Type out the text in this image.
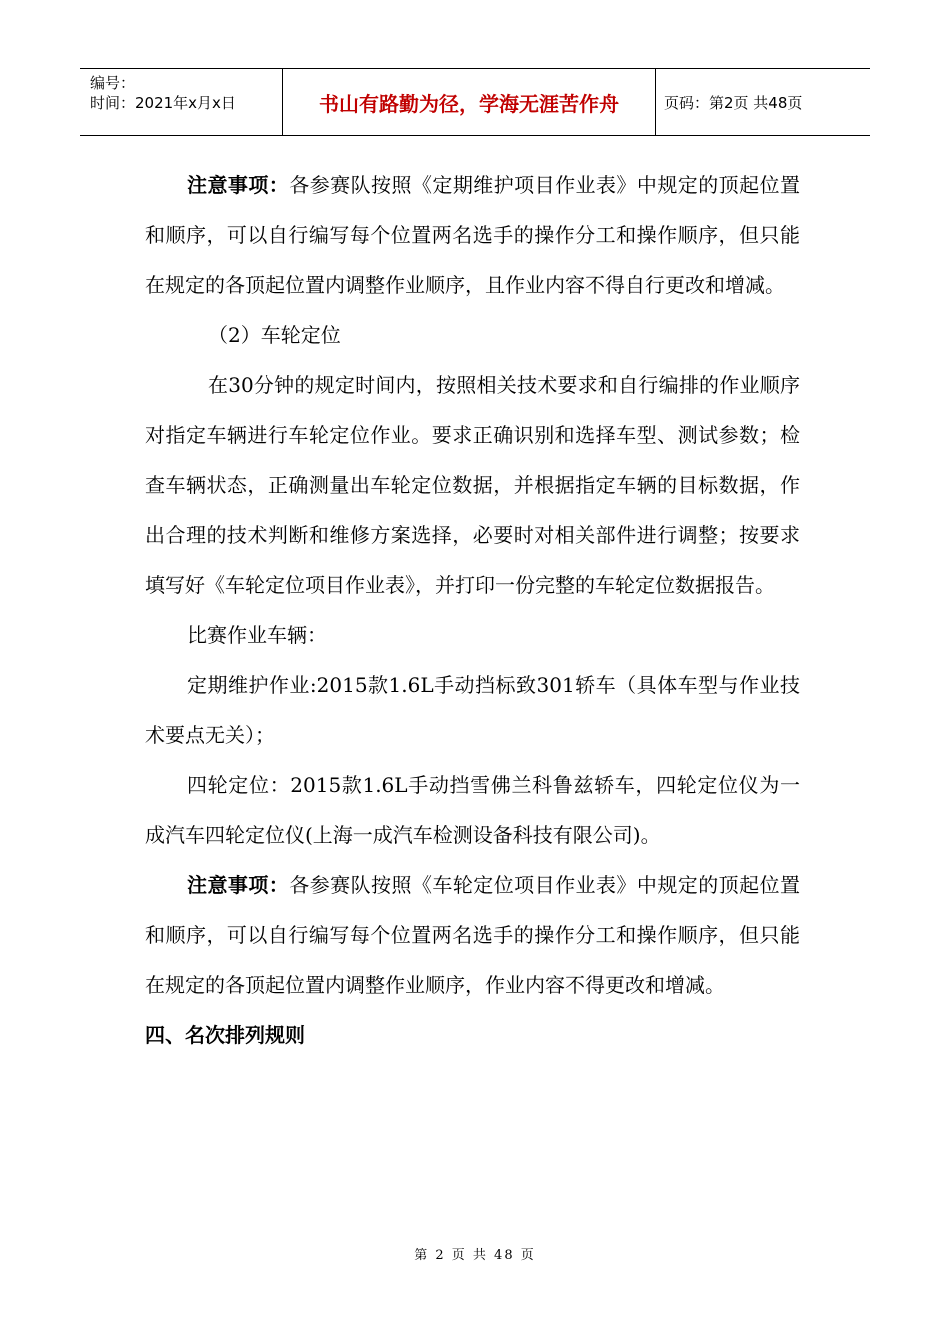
编号：
时间：2021年x月x日	书山有路勤为径，学海无涯苦作舟	页码：第2页 共48页

注意事项：各参赛队按照《定期维护项目作业表》中规定的顶起位置和顺序，可以自行编写每个位置两名选手的操作分工和操作顺序，但只能在规定的各顶起位置内调整作业顺序，且作业内容不得自行更改和增减。

（2）车轮定位

在30分钟的规定时间内，按照相关技术要求和自行编排的作业顺序对指定车辆进行车轮定位作业。要求正确识别和选择车型、测试参数；检查车辆状态，正确测量出车轮定位数据，并根据指定车辆的目标数据，作出合理的技术判断和维修方案选择，必要时对相关部件进行调整；按要求填写好《车轮定位项目作业表》，并打印一份完整的车轮定位数据报告。

比赛作业车辆：

定期维护作业:2015款1.6L手动挡标致301轿车（具体车型与作业技术要点无关）；

四轮定位：2015款1.6L手动挡雪佛兰科鲁兹轿车，四轮定位仪为一成汽车四轮定位仪(上海一成汽车检测设备科技有限公司)。

注意事项：各参赛队按照《车轮定位项目作业表》中规定的顶起位置和顺序，可以自行编写每个位置两名选手的操作分工和操作顺序，但只能在规定的各顶起位置内调整作业顺序，作业内容不得更改和增减。

四、名次排列规则

第 2 页 共 48 页
